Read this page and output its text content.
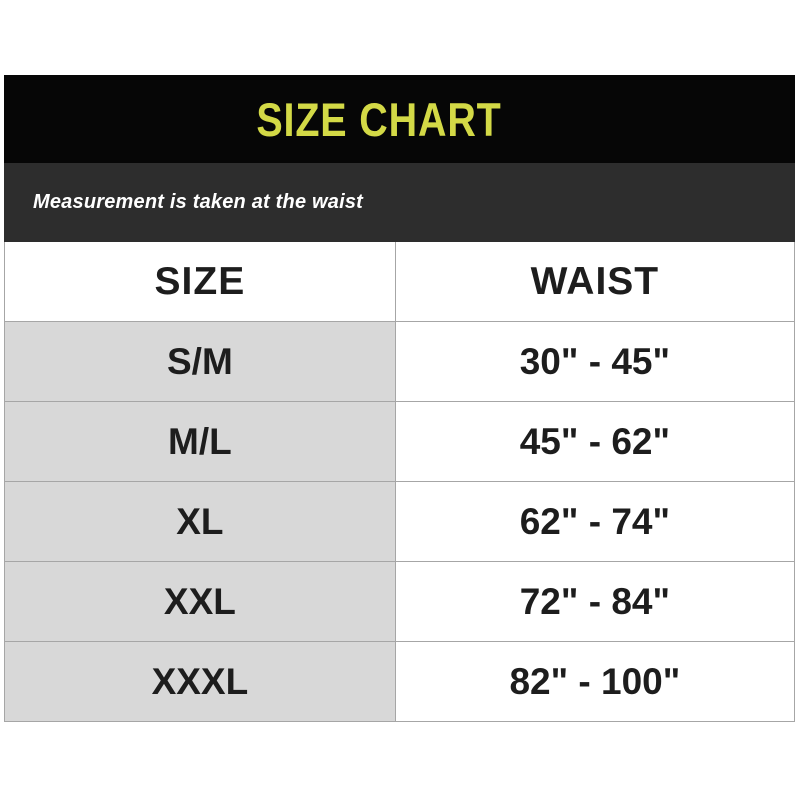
SIZE CHART
Measurement is taken at the waist
SIZE	WAIST
S/M	30" - 45"
M/L	45" - 62"
XL	62" - 74"
XXL	72" - 84"
XXXL	82" - 100"
